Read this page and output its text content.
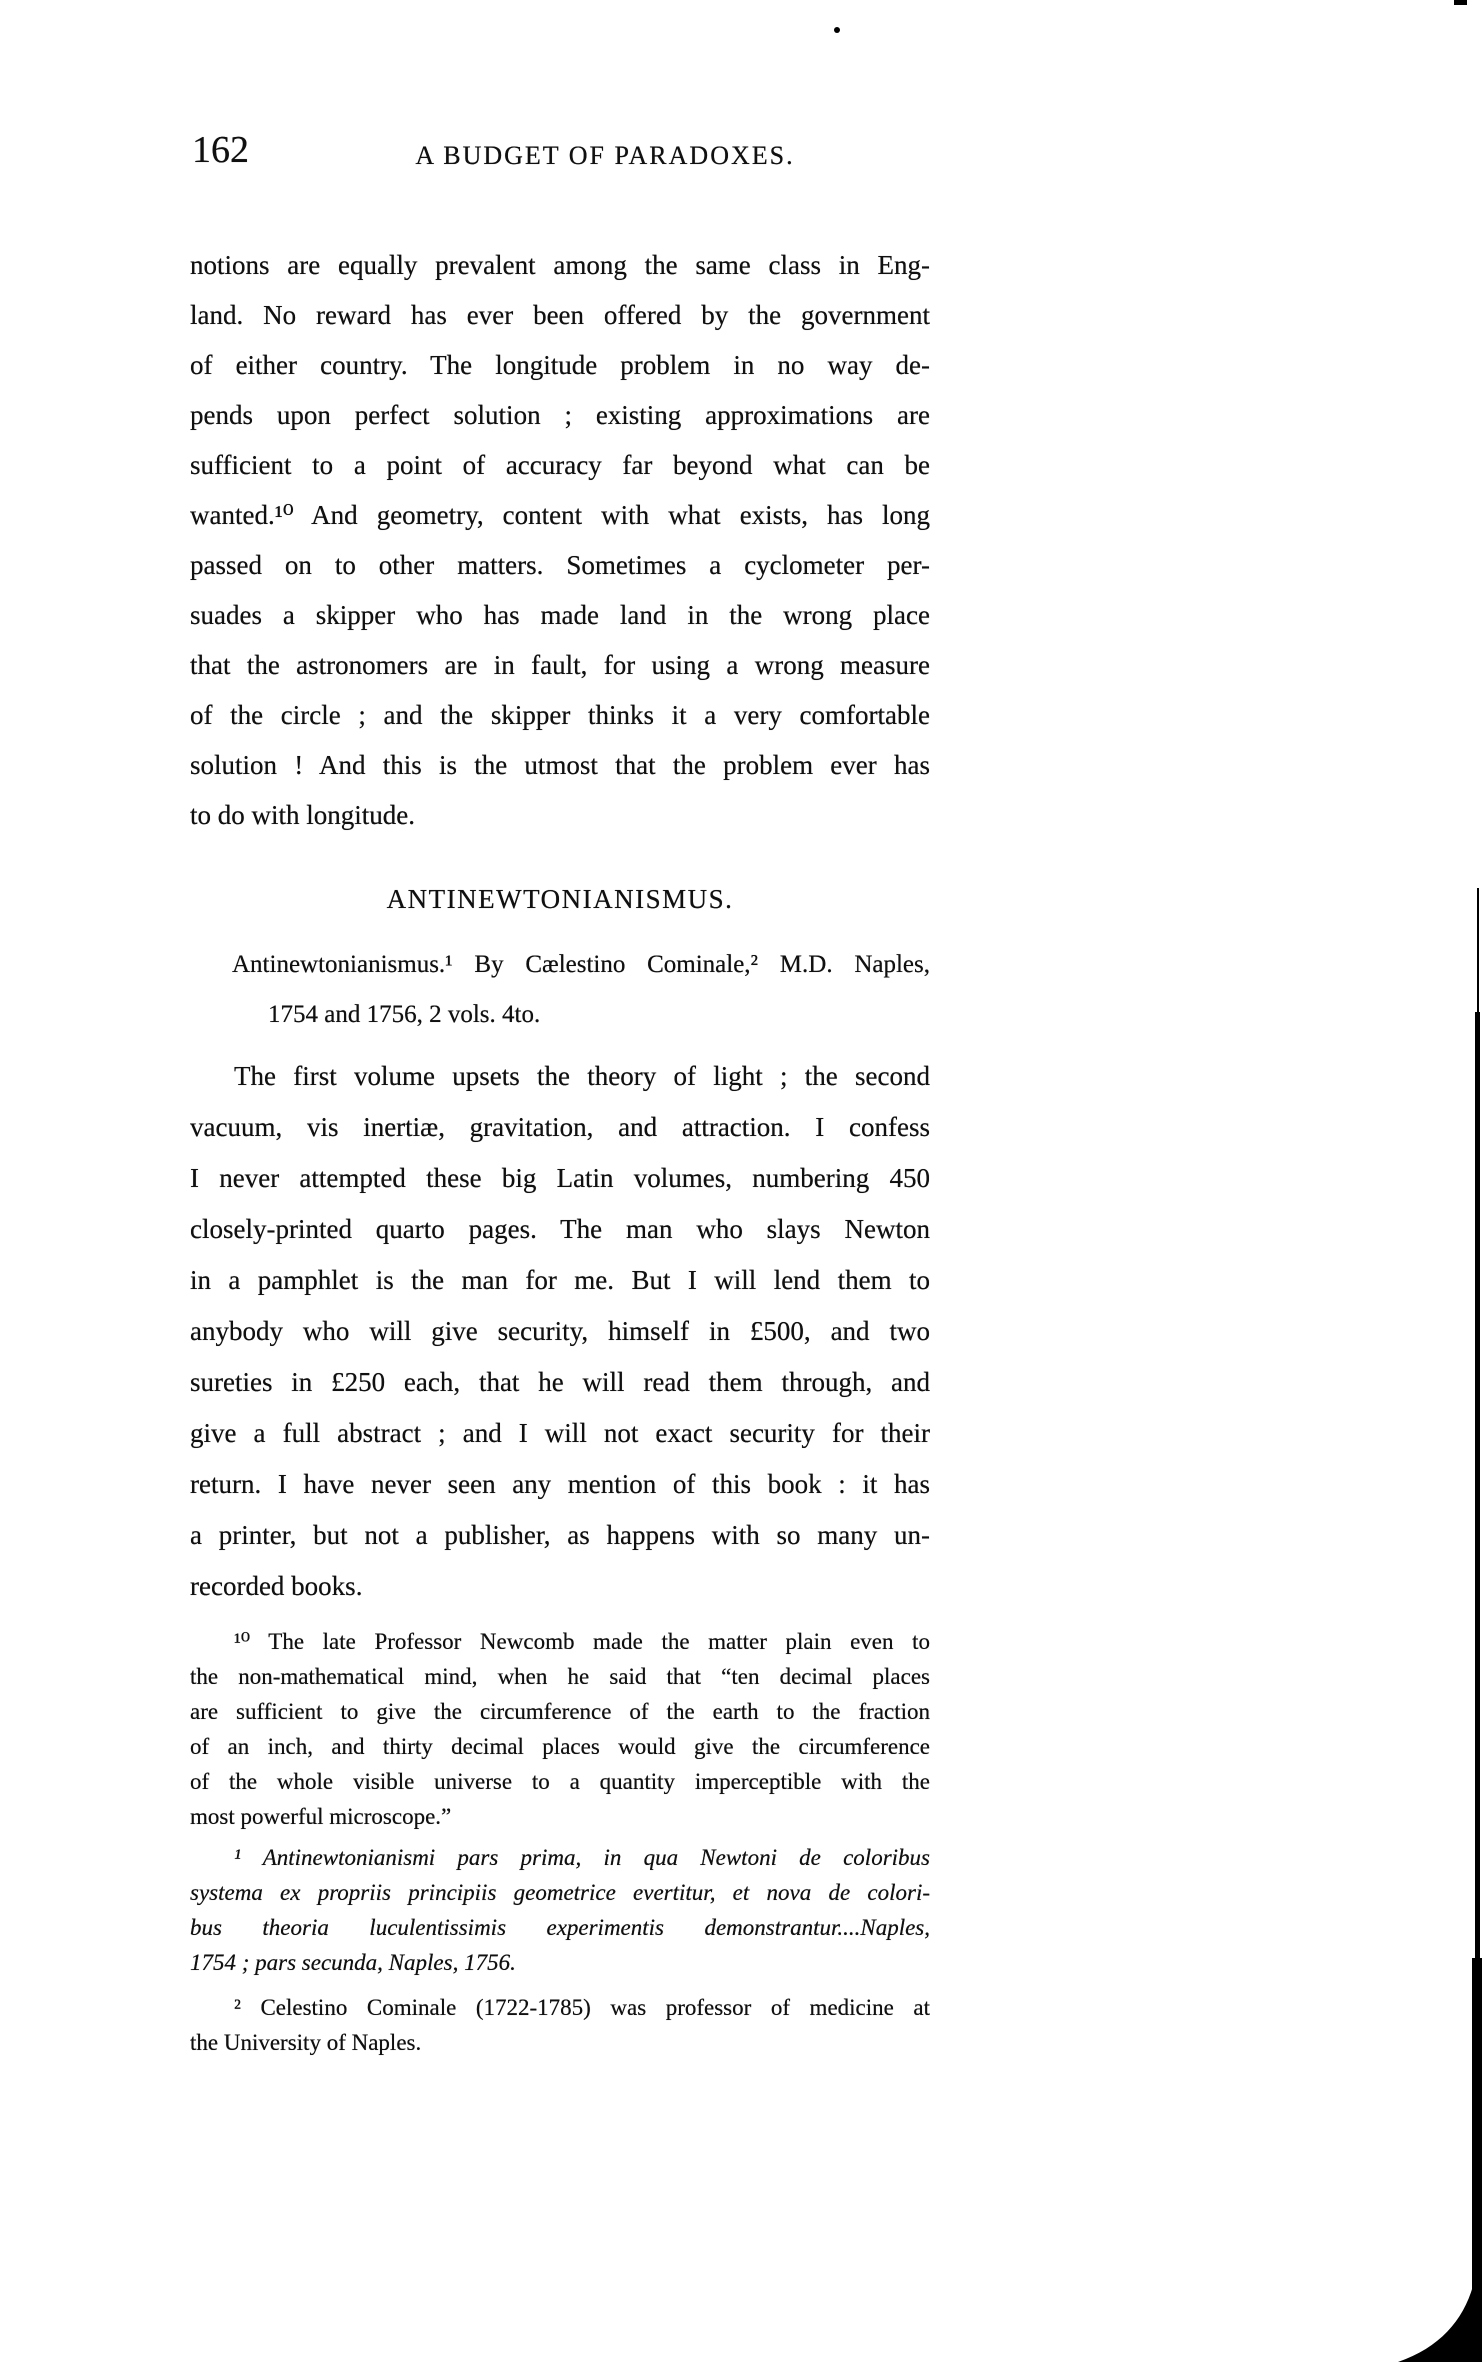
162	A BUDGET OF PARADOXES.
notions are equally prevalent among the same class in Eng-
land. No reward has ever been offered by the government
of either country. The longitude problem in no way de-
pends upon perfect solution ; existing approximations are
sufficient to a point of accuracy far beyond what can be
wanted.¹⁰ And geometry, content with what exists, has long
passed on to other matters. Sometimes a cyclometer per-
suades a skipper who has made land in the wrong place
that the astronomers are in fault, for using a wrong measure
of the circle ; and the skipper thinks it a very comfortable
solution ! And this is the utmost that the problem ever has
to do with longitude.
ANTINEWTONIANISMUS.
Antinewtonianismus.¹ By Cælestino Cominale,² M.D. Naples,
1754 and 1756, 2 vols. 4to.
The first volume upsets the theory of light ; the second
vacuum, vis inertiæ, gravitation, and attraction. I confess
I never attempted these big Latin volumes, numbering 450
closely-printed quarto pages. The man who slays Newton
in a pamphlet is the man for me. But I will lend them to
anybody who will give security, himself in £500, and two
sureties in £250 each, that he will read them through, and
give a full abstract ; and I will not exact security for their
return. I have never seen any mention of this book : it has
a printer, but not a publisher, as happens with so many un-
recorded books.
¹⁰ The late Professor Newcomb made the matter plain even to
the non-mathematical mind, when he said that “ten decimal places
are sufficient to give the circumference of the earth to the fraction
of an inch, and thirty decimal places would give the circumference
of the whole visible universe to a quantity imperceptible with the
most powerful microscope.”
¹ Antinewtonianismi pars prima, in qua Newtoni de coloribus
systema ex propriis principiis geometrice evertitur, et nova de colori-
bus theoria luculentissimis experimentis demonstrantur....Naples,
1754 ; pars secunda, Naples, 1756.
² Celestino Cominale (1722-1785) was professor of medicine at
the University of Naples.
